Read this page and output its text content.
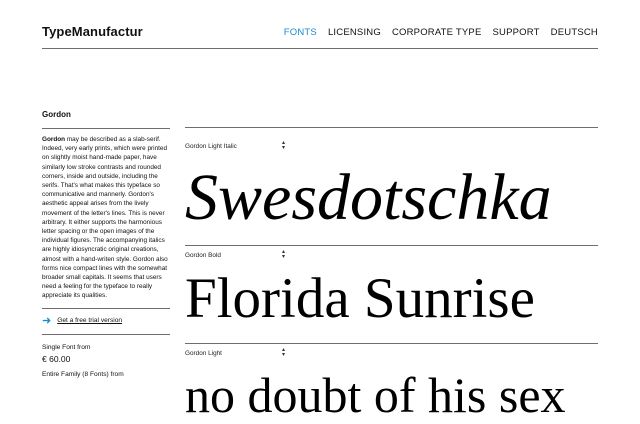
TypeManufactur	FONTS LICENSING CORPORATE TYPE SUPPORT DEUTSCH
Gordon
Gordon may be described as a slab-serif. Indeed, very early prints, which were printed on slightly moist hand-made paper, have similarly low stroke contrasts and rounded corners, inside and outside, including the serifs. That's what makes this typeface so communicative and mannerly. Gordon's aesthetic appeal arises from the lively movement of the letter's lines. This is never arbitrary. It either supports the harmonious letter spacing or the open images of the individual figures. The accompanying italics are highly idiosyncratic original creations, almost with a hand-writen style. Gordon also forms nice compact lines with the somewhat broader small capitals. It seems that users need a feeling for the typeface to really appreciate its qualities.
➜ Get a free trial version
Single Font from
€ 60.00
Entire Family (8 Fonts) from
Gordon Light Italic	▴
▾
Swesdotschka
Gordon Bold	▴
▾
Florida Sunrise
Gordon Light	▴
▾
no doubt of his sex
